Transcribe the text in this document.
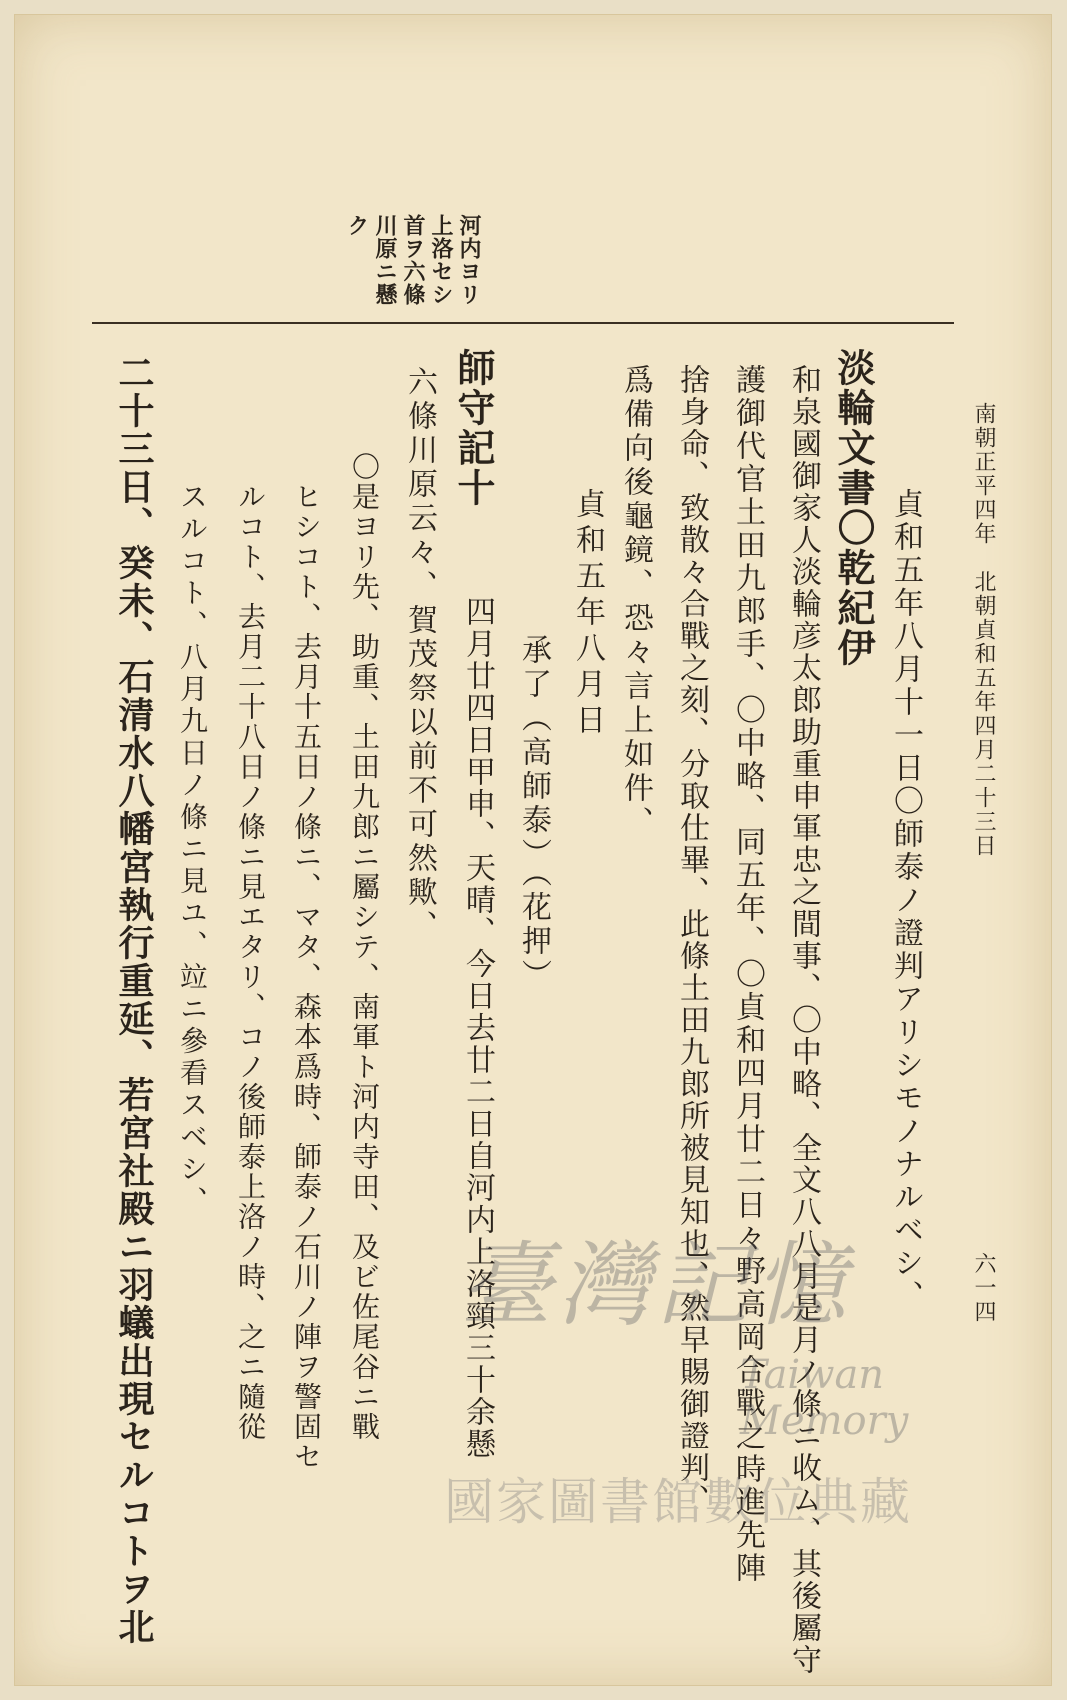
南朝正平四年　北朝貞和五年四月二十三日
六一四
河内ヨリ
上洛セシ
首ヲ六條
川原ニ懸
ク
貞和五年八月十一日〇師泰ノ證判アリシモノナルベシ、
淡輪文書〇乾紀伊
和泉國御家人淡輪彦太郎助重申軍忠之間事、〇中略、全文八八月是月ノ條ニ收ム、其後屬守
護御代官土田九郎手、〇中略、同五年、〇貞和四月廿二日々野高岡合戰之時進先陣
捨身命、致散々合戰之刻、分取仕畢、此條土田九郎所被見知也、然早賜御證判、
爲備向後龜鏡、恐々言上如件、
貞和五年八月日
承了（高師泰）（花押）
師守記十
四月廿四日甲申、天晴、今日去廿二日自河内上洛頸三十余懸
六條川原云々、賀茂祭以前不可然歟、
〇是ヨリ先、助重、土田九郎ニ屬シテ、南軍ト河内寺田、及ビ佐尾谷ニ戰
ヒシコト、去月十五日ノ條ニ、マタ、森本爲時、師泰ノ石川ノ陣ヲ警固セ
ルコト、去月二十八日ノ條ニ見エタリ、コノ後師泰上洛ノ時、之ニ隨從
スルコト、八月九日ノ條ニ見ユ、竝ニ參看スベシ、
二十三日、癸未、石清水八幡宮執行重延、若宮社殿ニ羽蟻出現セルコトヲ北	臺灣記憶
Taiwan Memory
國家圖書館數位典藏
